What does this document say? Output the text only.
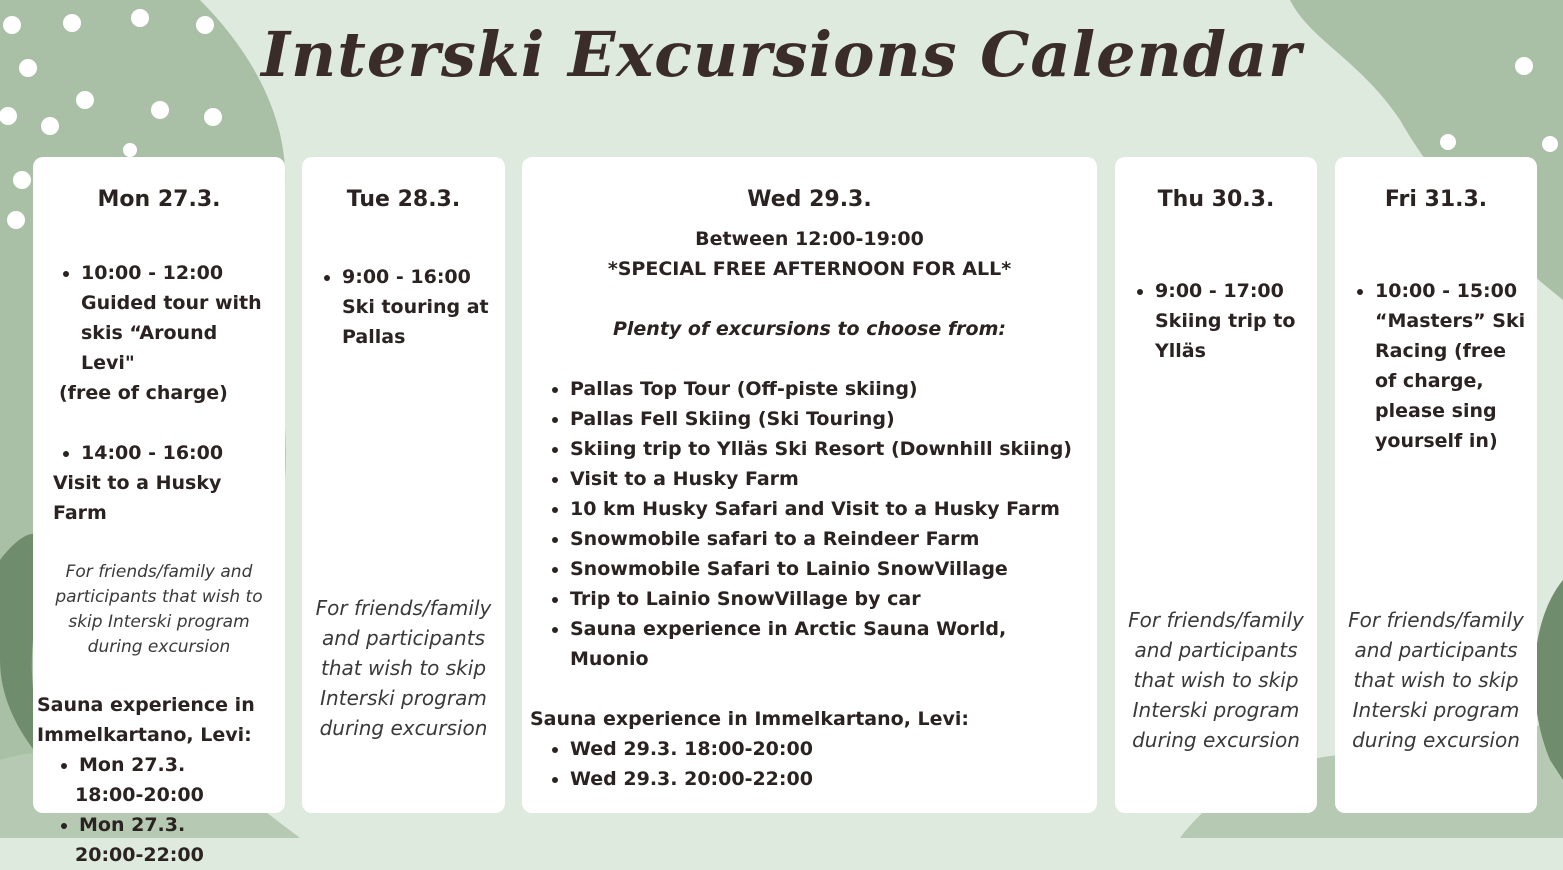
Interski Excursions Calendar
Mon 27.3.
• 10:00 - 12:00
Guided tour with skis “Around Levi"
(free of charge)
• 14:00 - 16:00
Visit to a Husky Farm
For friends/family and participants that wish to skip Interski program during excursion
Sauna experience in Immelkartano, Levi:
• Mon 27.3.
18:00-20:00
• Mon 27.3.
20:00-22:00
Tue 28.3.
• 9:00 - 16:00 Ski touring at Pallas
For friends/family and participants that wish to skip Interski program during excursion
Wed 29.3.
Between 12:00-19:00
*SPECIAL FREE AFTERNOON FOR ALL*
Plenty of excursions to choose from:
• Pallas Top Tour (Off-piste skiing)
• Pallas Fell Skiing (Ski Touring)
• Skiing trip to Ylläs Ski Resort (Downhill skiing)
• Visit to a Husky Farm
• 10 km Husky Safari and Visit to a Husky Farm
• Snowmobile safari to a Reindeer Farm
• Snowmobile Safari to Lainio SnowVillage
• Trip to Lainio SnowVillage by car
• Sauna experience in Arctic Sauna World, Muonio
Sauna experience in Immelkartano, Levi:
• Wed 29.3. 18:00-20:00
• Wed 29.3. 20:00-22:00
Thu 30.3.
• 9:00 - 17:00 Skiing trip to Ylläs
For friends/family and participants that wish to skip Interski program during excursion
Fri 31.3.
• 10:00 - 15:00 “Masters” Ski Racing (free of charge, please sing yourself in)
For friends/family and participants that wish to skip Interski program during excursion
